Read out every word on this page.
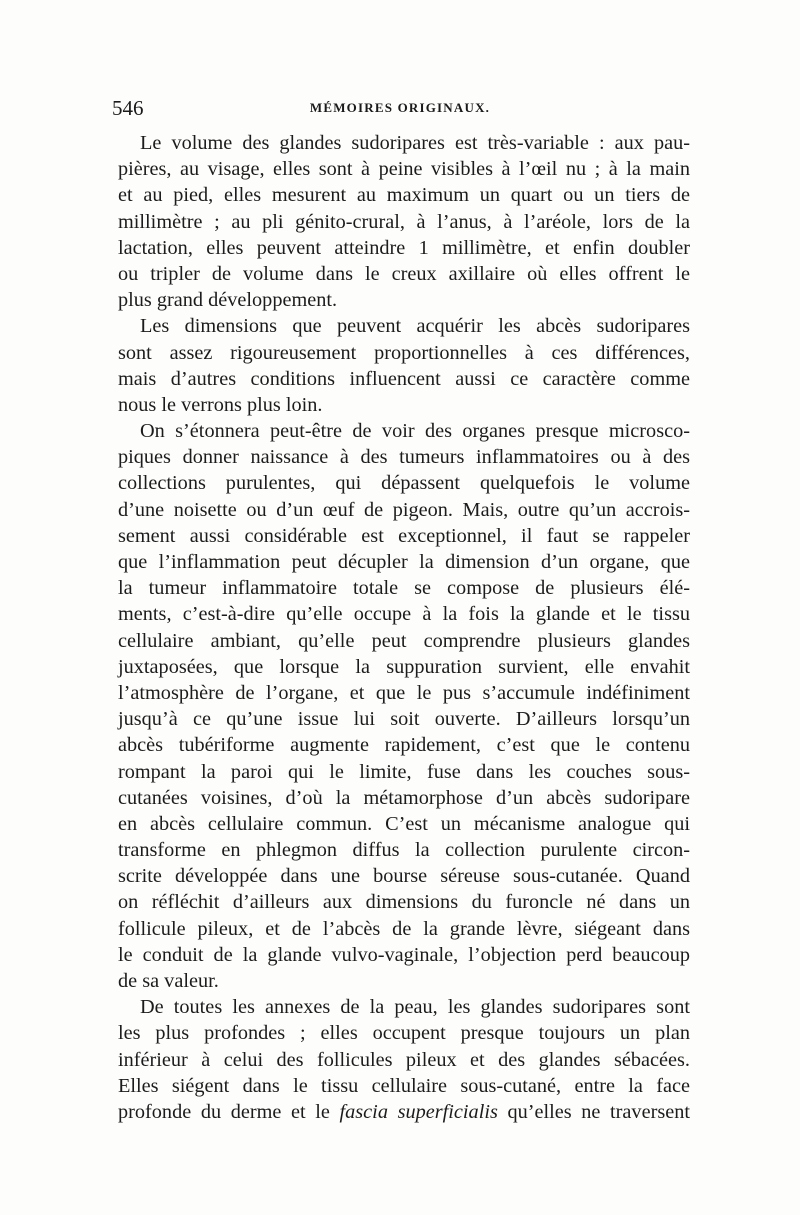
546	MÉMOIRES ORIGINAUX.
Le volume des glandes sudoripares est très-variable : aux pau-
pières, au visage, elles sont à peine visibles à l’œil nu ; à la main
et au pied, elles mesurent au maximum un quart ou un tiers de
millimètre ; au pli génito-crural, à l’anus, à l’aréole, lors de la
lactation, elles peuvent atteindre 1 millimètre, et enfin doubler
ou tripler de volume dans le creux axillaire où elles offrent le
plus grand développement.
Les dimensions que peuvent acquérir les abcès sudoripares
sont assez rigoureusement proportionnelles à ces différences,
mais d’autres conditions influencent aussi ce caractère comme
nous le verrons plus loin.
On s’étonnera peut-être de voir des organes presque microsco-
piques donner naissance à des tumeurs inflammatoires ou à des
collections purulentes, qui dépassent quelquefois le volume
d’une noisette ou d’un œuf de pigeon. Mais, outre qu’un accrois-
sement aussi considérable est exceptionnel, il faut se rappeler
que l’inflammation peut décupler la dimension d’un organe, que
la tumeur inflammatoire totale se compose de plusieurs élé-
ments, c’est-à-dire qu’elle occupe à la fois la glande et le tissu
cellulaire ambiant, qu’elle peut comprendre plusieurs glandes
juxtaposées, que lorsque la suppuration survient, elle envahit
l’atmosphère de l’organe, et que le pus s’accumule indéfiniment
jusqu’à ce qu’une issue lui soit ouverte. D’ailleurs lorsqu’un
abcès tubériforme augmente rapidement, c’est que le contenu
rompant la paroi qui le limite, fuse dans les couches sous-
cutanées voisines, d’où la métamorphose d’un abcès sudoripare
en abcès cellulaire commun. C’est un mécanisme analogue qui
transforme en phlegmon diffus la collection purulente circon-
scrite développée dans une bourse séreuse sous-cutanée. Quand
on réfléchit d’ailleurs aux dimensions du furoncle né dans un
follicule pileux, et de l’abcès de la grande lèvre, siégeant dans
le conduit de la glande vulvo-vaginale, l’objection perd beaucoup
de sa valeur.
De toutes les annexes de la peau, les glandes sudoripares sont
les plus profondes ; elles occupent presque toujours un plan
inférieur à celui des follicules pileux et des glandes sébacées.
Elles siégent dans le tissu cellulaire sous-cutané, entre la face
profonde du derme et le fascia superficialis qu’elles ne traversent
